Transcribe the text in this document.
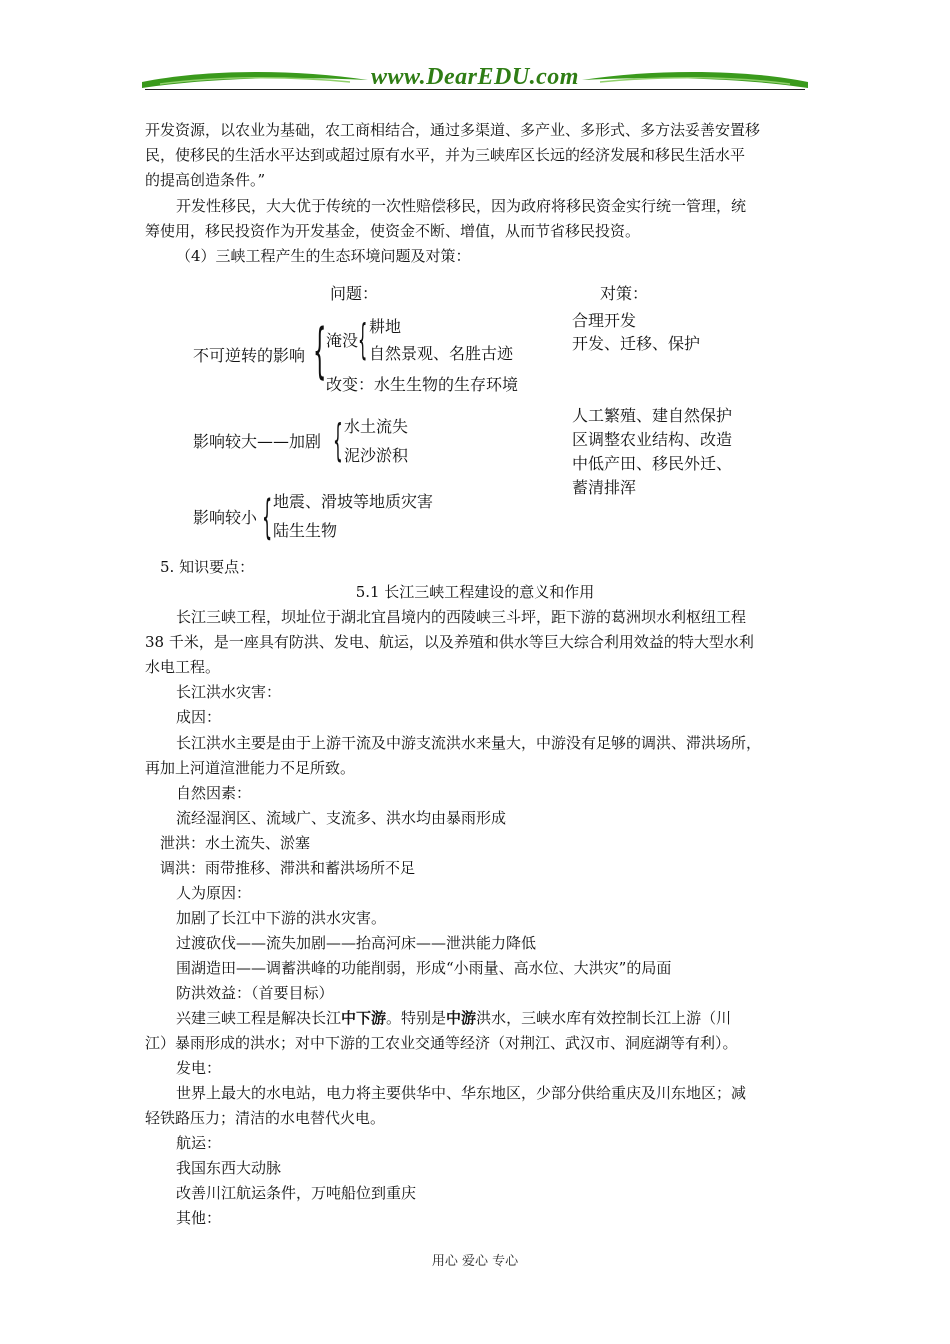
www.DearEDU.com
开发资源，以农业为基础，农工商相结合，通过多渠道、多产业、多形式、多方法妥善安置移
民，使移民的生活水平达到或超过原有水平，并为三峡库区长远的经济发展和移民生活水平
的提高创造条件。”
开发性移民，大大优于传统的一次性赔偿移民，因为政府将移民资金实行统一管理，统
筹使用，移民投资作为开发基金，使资金不断、增值，从而节省移民投资。
（4）三峡工程产生的生态环境问题及对策：
问题：	对策：
不可逆转的影响 { 淹没 { 耕地
自然景观、名胜古迹
改变：水生生物的生存环境
合理开发
开发、迁移、保护
影响较大——加剧 { 水土流失
泥沙淤积
人工繁殖、建自然保护
区调整农业结构、改造
中低产田、移民外迁、
蓄清排浑
影响较小 { 地震、滑坡等地质灾害
陆生生物
5. 知识要点：
5.1 长江三峡工程建设的意义和作用
长江三峡工程，坝址位于湖北宜昌境内的西陵峡三斗坪，距下游的葛洲坝水利枢纽工程
38 千米，是一座具有防洪、发电、航运，以及养殖和供水等巨大综合利用效益的特大型水利
水电工程。
长江洪水灾害：
成因：
长江洪水主要是由于上游干流及中游支流洪水来量大，中游没有足够的调洪、滞洪场所，
再加上河道渲泄能力不足所致。
自然因素：
流经湿润区、流域广、支流多、洪水均由暴雨形成
泄洪：水土流失、淤塞
调洪：雨带推移、滞洪和蓄洪场所不足
人为原因：
加剧了长江中下游的洪水灾害。
过渡砍伐——流失加剧——抬高河床——泄洪能力降低
围湖造田——调蓄洪峰的功能削弱，形成“小雨量、高水位、大洪灾”的局面
防洪效益：（首要目标）
兴建三峡工程是解决长江中下游。特别是中游洪水，三峡水库有效控制长江上游（川
江）暴雨形成的洪水；对中下游的工农业交通等经济（对荆江、武汉市、洞庭湖等有利）。
发电：
世界上最大的水电站，电力将主要供华中、华东地区，少部分供给重庆及川东地区；减
轻铁路压力；清洁的水电替代火电。
航运：
我国东西大动脉
改善川江航运条件，万吨船位到重庆
其他：
用心 爱心 专心
